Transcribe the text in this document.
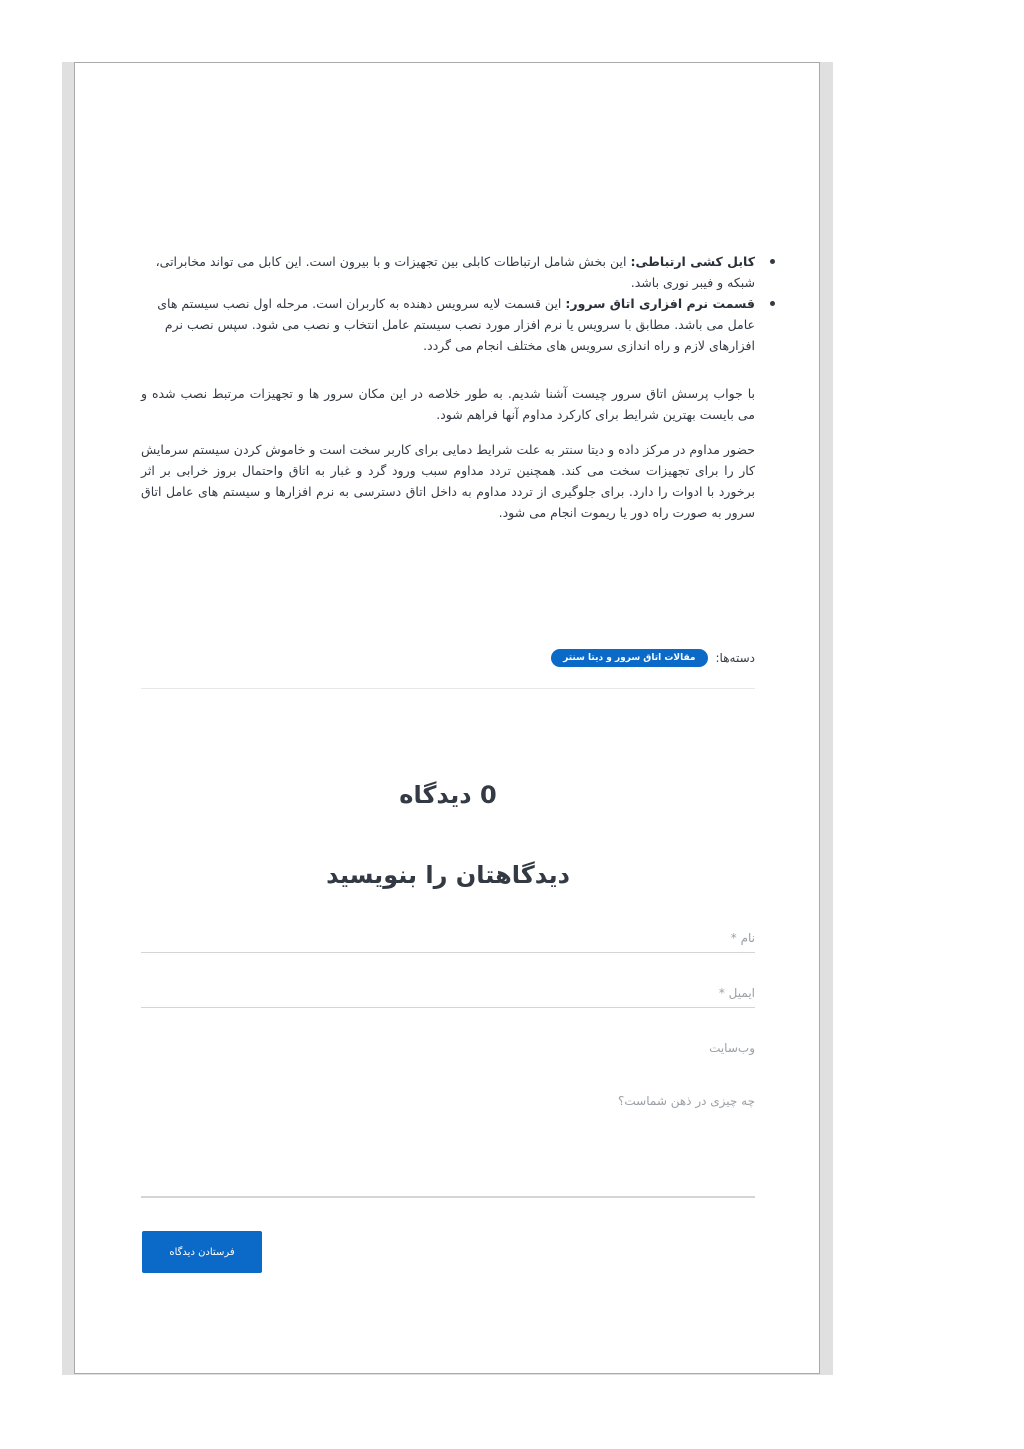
کابل کشی ارتباطی: این بخش شامل ارتباطات کابلی بین تجهیزات و با بیرون است. این کابل می تواند مخابراتی، شبکه و فیبر نوری باشد.
قسمت نرم افزاری اتاق سرور: این قسمت لایه سرویس دهنده به کاربران است. مرحله اول نصب سیستم های عامل می باشد. مطابق با سرویس یا نرم افزار مورد نصب سیستم عامل انتخاب و نصب می شود. سپس نصب نرم افزارهای لازم و راه اندازی سرویس های مختلف انجام می گردد.

با جواب پرسش اتاق سرور چیست آشنا شدیم. به طور خلاصه در این مکان سرور ها و تجهیزات مرتبط نصب شده و می بایست بهترین شرایط برای کارکرد مداوم آنها فراهم شود.

حضور مداوم در مرکز داده و دیتا سنتر به علت شرایط دمایی برای کاربر سخت است و خاموش کردن سیستم سرمایش کار را برای تجهیزات سخت می کند. همچنین تردد مداوم سبب ورود گرد و غبار به اتاق واحتمال بروز خرابی بر اثر برخورد با ادوات را دارد. برای جلوگیری از تردد مداوم به داخل اتاق دسترسی به نرم افزارها و سیستم های عامل اتاق سرور به صورت راه دور یا ریموت انجام می شود.

دسته‌ها:
مقالات اتاق سرور و دیتا سنتر
0 دیدگاه
دیدگاهتان را بنویسید
نام *
ایمیل *
وب‌سایت
چه چیزی در ذهن شماست؟
فرستادن دیدگاه
